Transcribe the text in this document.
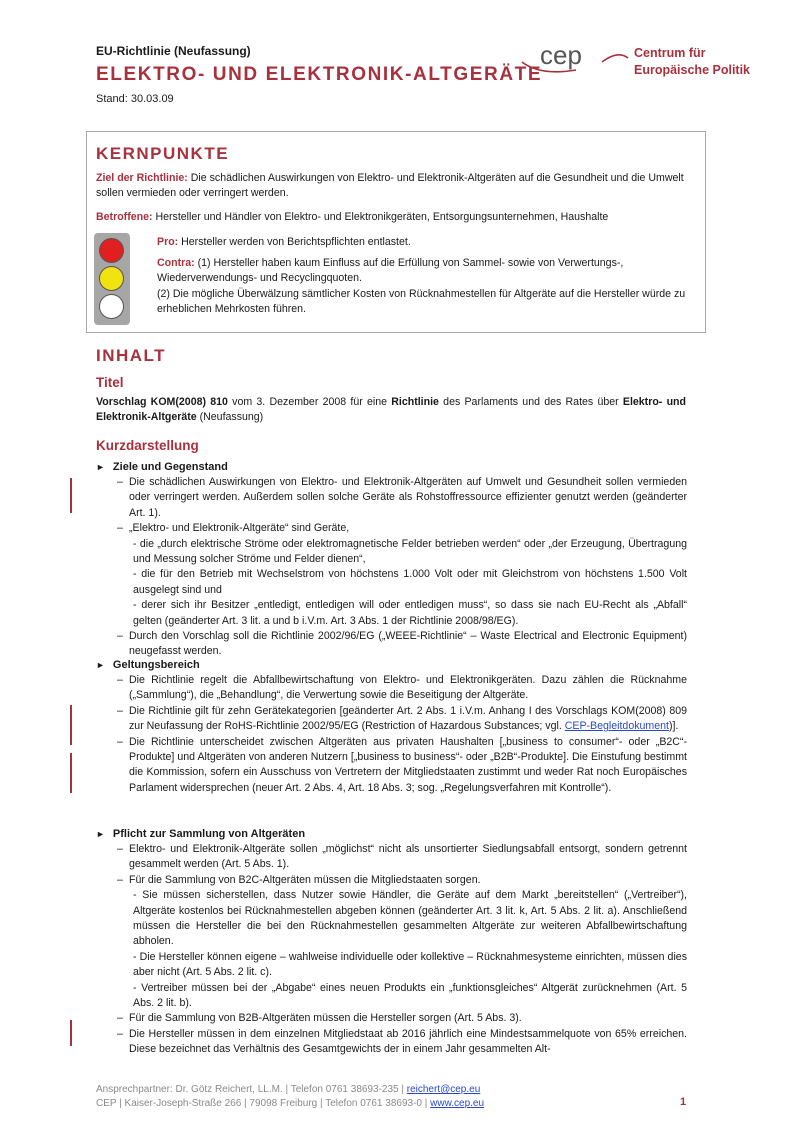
EU-Richtlinie (Neufassung)
ELEKTRO- UND ELEKTRONIK-ALTGERÄTE
Stand: 30.03.09
cep	Centrum für
Europäische Politik
KERNPUNKTE
Ziel der Richtlinie: Die schädlichen Auswirkungen von Elektro- und Elektronik-Altgeräten auf die Gesundheit und die Umwelt sollen vermieden oder verringert werden.
Betroffene: Hersteller und Händler von Elektro- und Elektronikgeräten, Entsorgungsunternehmen, Haushalte
Pro: Hersteller werden von Berichtspflichten entlastet.
Contra: (1) Hersteller haben kaum Einfluss auf die Erfüllung von Sammel- sowie von Verwertungs-, Wiederverwendungs- und Recyclingquoten.
(2) Die mögliche Überwälzung sämtlicher Kosten von Rücknahmestellen für Altgeräte auf die Hersteller würde zu erheblichen Mehrkosten führen.
INHALT
Titel
Vorschlag KOM(2008) 810 vom 3. Dezember 2008 für eine Richtlinie des Parlaments und des Rates über Elektro- und Elektronik-Altgeräte (Neufassung)
Kurzdarstellung
► Ziele und Gegenstand
– Die schädlichen Auswirkungen von Elektro- und Elektronik-Altgeräten auf Umwelt und Gesundheit sollen vermieden oder verringert werden. Außerdem sollen solche Geräte als Rohstoffressource effizienter genutzt werden (geänderter Art. 1).
– „Elektro- und Elektronik-Altgeräte“ sind Geräte,
- die „durch elektrische Ströme oder elektromagnetische Felder betrieben werden“ oder „der Erzeugung, Übertragung und Messung solcher Ströme und Felder dienen“,
- die für den Betrieb mit Wechselstrom von höchstens 1.000 Volt oder mit Gleichstrom von höchstens 1.500 Volt ausgelegt sind und
- derer sich ihr Besitzer „entledigt, entledigen will oder entledigen muss“, so dass sie nach EU-Recht als „Abfall“ gelten (geänderter Art. 3 lit. a und b i.V.m. Art. 3 Abs. 1 der Richtlinie 2008/98/EG).
– Durch den Vorschlag soll die Richtlinie 2002/96/EG („WEEE-Richtlinie“ – Waste Electrical and Electronic Equipment) neugefasst werden.
► Geltungsbereich
– Die Richtlinie regelt die Abfallbewirtschaftung von Elektro- und Elektronikgeräten. Dazu zählen die Rücknahme („Sammlung“), die „Behandlung“, die Verwertung sowie die Beseitigung der Altgeräte.
– Die Richtlinie gilt für zehn Gerätekategorien [geänderter Art. 2 Abs. 1 i.V.m. Anhang I des Vorschlags KOM(2008) 809 zur Neufassung der RoHS-Richtlinie 2002/95/EG (Restriction of Hazardous Substances; vgl. CEP-Begleitdokument)].
– Die Richtlinie unterscheidet zwischen Altgeräten aus privaten Haushalten [„business to consumer“- oder „B2C“-Produkte] und Altgeräten von anderen Nutzern [„business to business“- oder „B2B“-Produkte]. Die Einstufung bestimmt die Kommission, sofern ein Ausschuss von Vertretern der Mitgliedstaaten zustimmt und weder Rat noch Europäisches Parlament widersprechen (neuer Art. 2 Abs. 4, Art. 18 Abs. 3; sog. „Regelungsverfahren mit Kontrolle“).
► Pflicht zur Sammlung von Altgeräten
– Elektro- und Elektronik-Altgeräte sollen „möglichst“ nicht als unsortierter Siedlungsabfall entsorgt, sondern getrennt gesammelt werden (Art. 5 Abs. 1).
– Für die Sammlung von B2C-Altgeräten müssen die Mitgliedstaaten sorgen.
- Sie müssen sicherstellen, dass Nutzer sowie Händler, die Geräte auf dem Markt „bereitstellen“ („Vertreiber“), Altgeräte kostenlos bei Rücknahmestellen abgeben können (geänderter Art. 3 lit. k, Art. 5 Abs. 2 lit. a). Anschließend müssen die Hersteller die bei den Rücknahmestellen gesammelten Altgeräte zur weiteren Abfallbewirtschaftung abholen.
- Die Hersteller können eigene – wahlweise individuelle oder kollektive – Rücknahmesysteme einrichten, müssen dies aber nicht (Art. 5 Abs. 2 lit. c).
- Vertreiber müssen bei der „Abgabe“ eines neuen Produkts ein „funktionsgleiches“ Altgerät zurücknehmen (Art. 5 Abs. 2 lit. b).
– Für die Sammlung von B2B-Altgeräten müssen die Hersteller sorgen (Art. 5 Abs. 3).
– Die Hersteller müssen in dem einzelnen Mitgliedstaat ab 2016 jährlich eine Mindestsammelquote von 65% erreichen. Diese bezeichnet das Verhältnis des Gesamtgewichts der in einem Jahr gesammelten Alt-
Ansprechpartner: Dr. Götz Reichert, LL.M. | Telefon 0761 38693-235 | reichert@cep.eu
CEP | Kaiser-Joseph-Straße 266 | 79098 Freiburg | Telefon 0761 38693-0 | www.cep.eu	1
